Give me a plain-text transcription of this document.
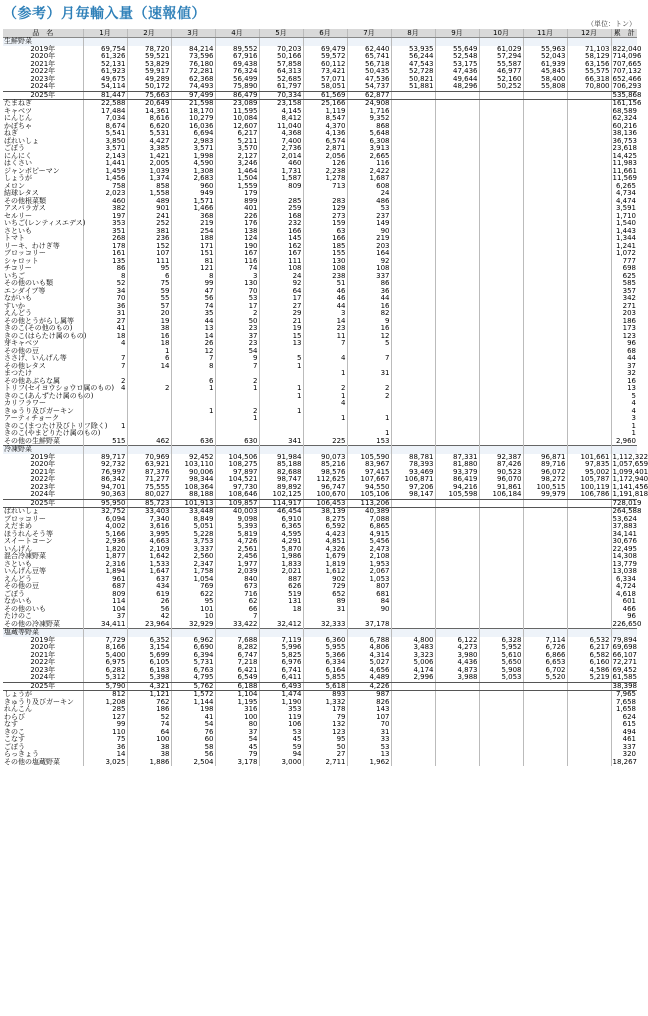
（参考）月毎輸入量（速報値）
（単位：トン）
品　名	1月	2月	3月	4月	5月	6月	7月	8月	9月	10月	11月	12月	累　計
生鮮野菜													
2019年	69,754	78,720	84,214	89,552	70,203	69,479	62,440	53,935	55,649	61,029	55,963	71,103	822,040
2020年	61,326	59,521	73,596	67,916	50,166	59,572	65,741	56,244	52,548	57,294	52,043	58,129	714,096
2021年	52,131	53,829	76,180	69,438	57,858	60,112	56,718	47,543	53,175	55,587	61,939	63,156	707,665
2022年	61,923	59,917	72,281	76,324	64,313	73,421	50,435	52,728	47,436	46,977	45,845	55,575	707,132
2023年	49,675	49,289	62,368	56,499	52,685	57,071	47,536	50,821	49,644	52,160	58,400	66,318	652,466
2024年	54,114	50,172	74,493	75,890	61,797	58,051	54,737	51,881	48,296	50,252	55,808	70,800	706,293
2025年	81,447	75,663	97,499	86,479	70,334	61,569	62,877						535,868
たまねぎ	22,588	20,649	21,598	23,089	23,158	25,166	24,908						161,156
キャベツ	17,484	14,361	18,170	11,595	4,145	1,119	1,716						68,589
にんじん	7,034	8,616	10,279	10,084	8,412	8,547	9,352						62,324
かぼちゃ	8,674	6,620	16,036	12,607	11,040	4,370	868						60,216
ねぎ	5,541	5,531	6,694	6,217	4,368	4,136	5,648						38,136
ばれいしょ	3,850	4,427	2,983	5,211	7,400	6,574	6,308						36,753
ごぼう	3,571	3,385	3,571	3,570	2,736	2,871	3,913						23,618
にんにく	2,143	1,421	1,998	2,127	2,014	2,056	2,665						14,425
はくさい	1,441	2,005	4,590	3,246	460	126	116						11,983
ジャンボピーマン	1,459	1,039	1,308	1,464	1,731	2,238	2,422						11,661
しょうが	1,456	1,374	2,683	1,504	1,587	1,278	1,687						11,569
メロン	758	858	960	1,559	809	713	608						6,265
結球レタス	2,023	1,558	949	179			24						4,734
その他根菜類	460	489	1,571	899	285	283	486						4,474
アスパラガス	382	901	1,466	401	259	129	53						3,591
セルリー	197	241	368	226	168	273	237						1,710
いちご(レンティスエデス)	353	252	219	176	232	159	149						1,540
さといも	351	381	254	138	166	63	90						1,443
トマト	268	236	188	124	145	166	219						1,344
リーキ、わけぎ等	178	152	171	190	162	185	203						1,241
ブロッコリー	161	107	151	167	167	155	164						1,072
シャロット	135	111	81	116	111	130	92						777
チコリー	86	95	121	74	108	108	108						698
いちご	8	6	8	3	24	238	337						625
その他のいも類	52	75	99	130	92	51	86						585
エンダイブ等	34	59	47	70	64	46	36						357
ながいも	70	55	56	53	17	46	44						342
すいか	36	57	74	17	27	44	16						271
えんどう	31	20	35	2	29	3	82						203
その他とうがらし属等	27	19	44	50	21	14	9						186
きのこ(その他のもの)	41	38	13	23	19	23	16						173
きのこ(はらたけ属のもの)	18	16	14	37	15	11	12						123
芽キャベツ	4	18	26	23	13	7	5						96
その他の豆		1	12	54									68
ささげ、いんげん等	7	6	7	9	5	4	7						44
その他レタス	7	14	8	7	1								37
まつたけ						1	31						32
その他あぶらな属	2		6	2									16
トリフ(セイヨウショウロ属のもの)	4	2	1	1	1	2	2						13
きのこ(あんずたけ属のもの)					1	1	2						5
カリフラワー						4							4
きゅうり及びガーキン			1	2	1								4
アーティチョーク				1		1	1						3
きのこ(まつたけ及びトリフ除く)	1												1
きのこ(やまどりたけ属のもの)							1						1
その他の生鮮野菜	515	462	636	630	341	225	153						2,960
冷凍野菜													
2019年	89,717	70,969	92,452	104,506	91,984	90,073	105,590	88,781	87,331	92,387	96,871	101,661	1,112,322
2020年	92,732	63,921	103,110	108,275	85,188	85,216	83,967	78,393	81,880	87,426	89,716	97,835	1,057,659
2021年	76,997	87,376	90,006	97,897	82,688	98,576	97,415	93,469	93,379	90,523	96,072	95,002	1,099,401
2022年	86,342	71,277	98,344	104,521	98,747	112,625	107,667	106,871	86,419	96,070	98,272	105,787	1,172,940
2023年	94,701	75,555	108,364	97,730	89,892	96,747	94,550	97,206	94,216	91,861	100,515	100,119	1,141,456
2024年	90,363	80,027	88,188	108,646	102,125	100,670	105,106	98,147	105,598	106,184	99,979	106,786	1,191,818
2025年	95,950	85,723	101,913	109,857	114,917	106,453	113,206						728,019
ばれいしょ	32,752	33,403	33,448	40,003	46,454	38,139	40,389						264,588
ブロッコリー	6,094	7,340	8,849	9,098	6,910	8,275	7,088						53,624
えだまめ	4,002	3,616	5,051	5,393	6,365	6,592	6,865						37,883
ほうれんそう等	5,166	3,995	5,228	5,819	4,595	4,423	4,915						34,141
スイートコーン	2,936	4,663	3,753	4,726	4,291	4,851	5,456						30,676
いんげん	1,820	2,109	3,337	2,561	5,870	4,326	2,473						22,495
混合冷凍野菜	1,877	1,642	2,560	2,456	1,986	1,679	2,108						14,308
さといも	2,316	1,533	2,347	1,977	1,833	1,819	1,953						13,779
いんげん豆等	1,894	1,647	1,758	2,039	2,021	1,612	2,067						13,038
えんどう	961	637	1,054	840	887	902	1,053						6,334
その他の豆	687	434	769	673	626	729	807						4,724
ごぼう	809	619	622	716	519	652	681						4,618
なかいも	114	26	95	62	131	89	84						601
その他のいも	104	56	101	66	18	31	90						466
たけのこ	37	42	10	7									96
その他の冷凍野菜	34,411	23,964	32,929	33,422	32,412	32,333	37,178						226,650
塩蔵等野菜													
2019年	7,729	6,352	6,962	7,688	7,119	6,360	6,788	4,800	6,122	6,328	7,114	6,532	79,894
2020年	8,166	3,154	6,690	8,282	5,996	5,955	4,806	3,483	4,273	5,952	6,726	6,217	69,698
2021年	5,400	5,699	6,394	6,747	5,825	5,366	4,314	3,323	3,980	5,610	6,866	6,582	66,107
2022年	6,975	6,105	5,731	7,218	6,976	6,334	5,027	5,006	4,436	5,650	6,653	6,160	72,271
2023年	6,281	6,183	6,763	6,421	6,741	6,164	4,656	4,174	4,873	5,908	6,702	4,586	69,452
2024年	5,312	5,398	4,795	6,549	6,411	5,855	4,489	2,996	3,988	5,053	5,520	5,219	61,585
2025年	5,790	4,321	5,762	6,188	6,493	5,618	4,226						38,398
しょうが	812	1,121	1,572	1,104	1,474	893	987						7,965
きゅうり及びガーキン	1,208	762	1,144	1,195	1,190	1,332	826						7,658
れんこん	285	186	198	316	353	178	143						1,658
わらび	127	52	41	100	119	79	107						624
なす	99	74	54	80	106	132	70						615
きのこ	110	64	76	37	53	123	31						494
こなす	75	100	60	54	45	95	33						461
ごぼう	36	38	58	45	59	50	53						337
らっきょう	14	38	56	79	94	27	13						320
その他の塩蔵野菜	3,025	1,886	2,504	3,178	3,000	2,711	1,962						18,267
